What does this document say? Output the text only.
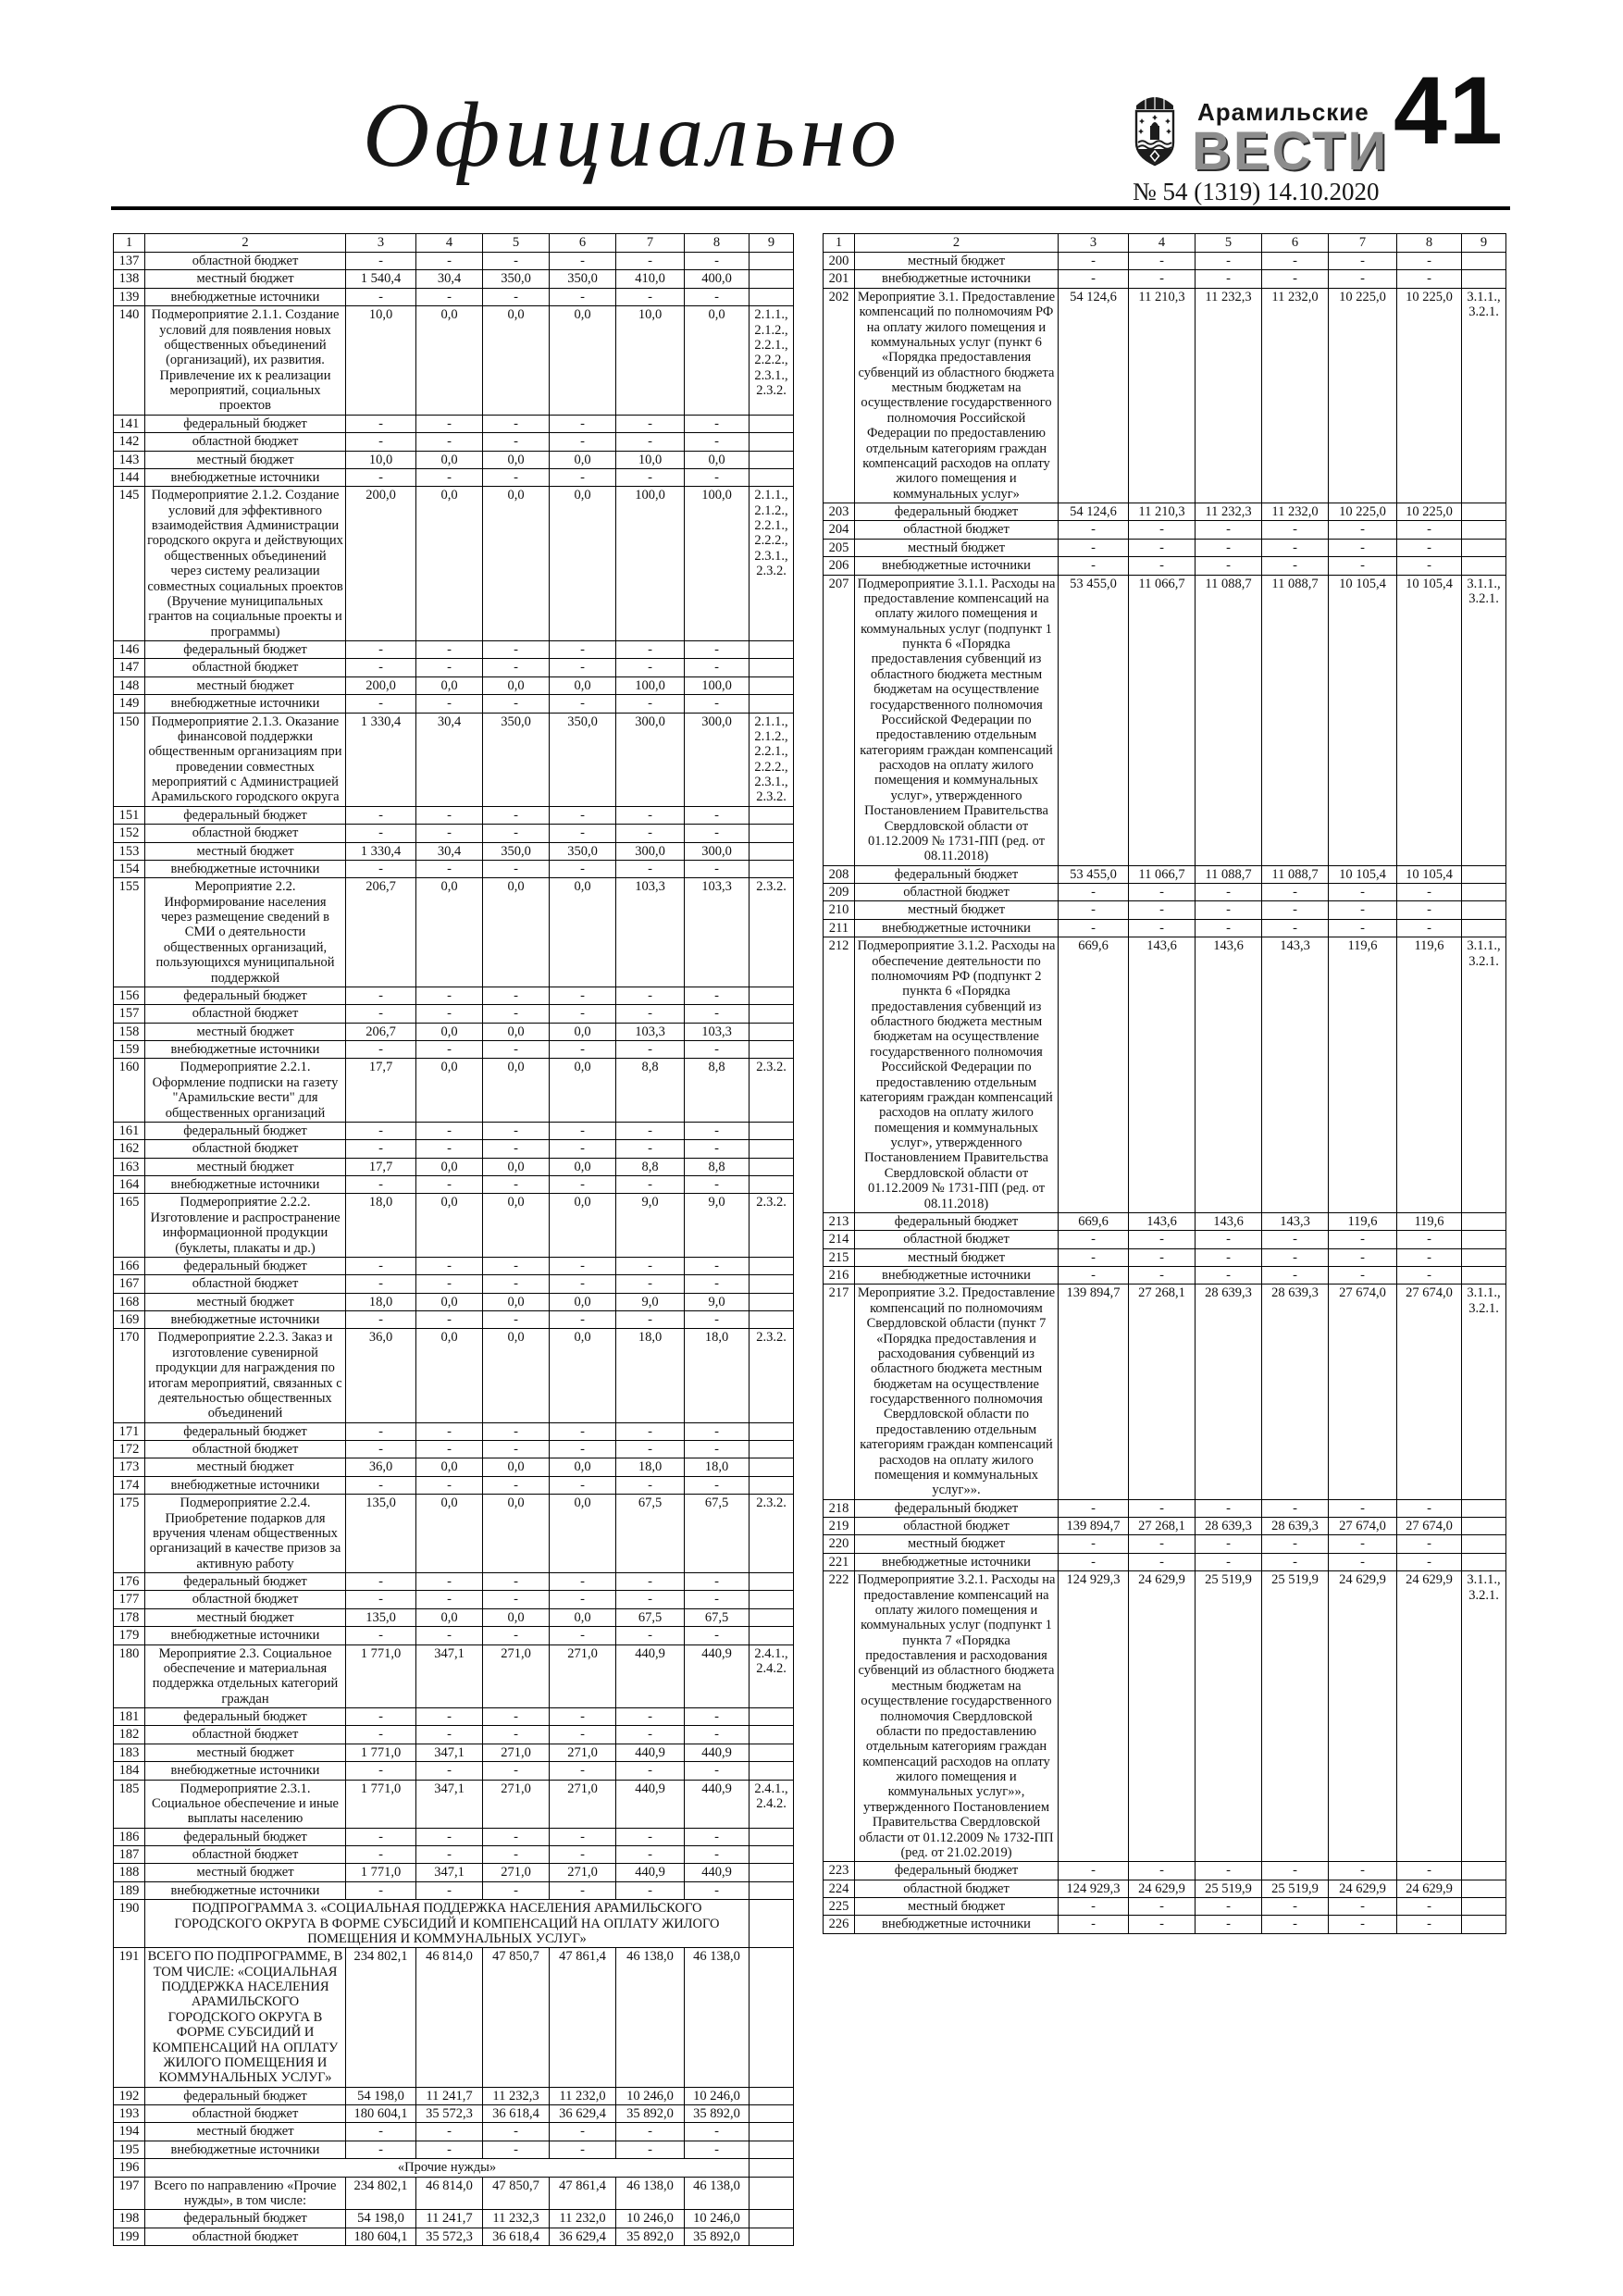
Официально	Арамильские
ВЕСТИ
№ 54 (1319) 14.10.2020
41
1	2	3	4	5	6	7	8	9
137	областной бюджет	-	-	-	-	-	-	
138	местный бюджет	1 540,4	30,4	350,0	350,0	410,0	400,0	
139	внебюджетные источники	-	-	-	-	-	-	
140	Подмероприятие 2.1.1. Создание условий для появления новых общественных объединений (организаций), их развития. Привлечение их к реализации мероприятий, социальных проектов	10,0	0,0	0,0	0,0	10,0	0,0	2.1.1., 2.1.2., 2.2.1., 2.2.2., 2.3.1., 2.3.2.
141	федеральный бюджет	-	-	-	-	-	-	
142	областной бюджет	-	-	-	-	-	-	
143	местный бюджет	10,0	0,0	0,0	0,0	10,0	0,0	
144	внебюджетные источники	-	-	-	-	-	-	
145	Подмероприятие 2.1.2. Создание условий для эффективного взаимодействия Администрации городского округа и действующих общественных объединений через систему реализации совместных социальных проектов (Вручение муниципальных грантов на социальные проекты и программы)	200,0	0,0	0,0	0,0	100,0	100,0	2.1.1., 2.1.2., 2.2.1., 2.2.2., 2.3.1., 2.3.2.
146	федеральный бюджет	-	-	-	-	-	-	
147	областной бюджет	-	-	-	-	-	-	
148	местный бюджет	200,0	0,0	0,0	0,0	100,0	100,0	
149	внебюджетные источники	-	-	-	-	-	-	
150	Подмероприятие 2.1.3. Оказание финансовой поддержки общественным организациям при проведении совместных мероприятий с Администрацией Арамильского городского округа	1 330,4	30,4	350,0	350,0	300,0	300,0	2.1.1., 2.1.2., 2.2.1., 2.2.2., 2.3.1., 2.3.2.
151	федеральный бюджет	-	-	-	-	-	-	
152	областной бюджет	-	-	-	-	-	-	
153	местный бюджет	1 330,4	30,4	350,0	350,0	300,0	300,0	
154	внебюджетные источники	-	-	-	-	-	-	
155	Мероприятие 2.2. Информирование населения через размещение сведений в СМИ о деятельности общественных организаций, пользующихся муниципальной поддержкой	206,7	0,0	0,0	0,0	103,3	103,3	2.3.2.
156	федеральный бюджет	-	-	-	-	-	-	
157	областной бюджет	-	-	-	-	-	-	
158	местный бюджет	206,7	0,0	0,0	0,0	103,3	103,3	
159	внебюджетные источники	-	-	-	-	-	-	
160	Подмероприятие 2.2.1. Оформление подписки на газету "Арамильские вести" для общественных организаций	17,7	0,0	0,0	0,0	8,8	8,8	2.3.2.
161	федеральный бюджет	-	-	-	-	-	-	
162	областной бюджет	-	-	-	-	-	-	
163	местный бюджет	17,7	0,0	0,0	0,0	8,8	8,8	
164	внебюджетные источники	-	-	-	-	-	-	
165	Подмероприятие 2.2.2. Изготовление и распространение информационной продукции (буклеты, плакаты и др.)	18,0	0,0	0,0	0,0	9,0	9,0	2.3.2.
166	федеральный бюджет	-	-	-	-	-	-	
167	областной бюджет	-	-	-	-	-	-	
168	местный бюджет	18,0	0,0	0,0	0,0	9,0	9,0	
169	внебюджетные источники	-	-	-	-	-	-	
170	Подмероприятие 2.2.3. Заказ и изготовление сувенирной продукции для награждения по итогам мероприятий, связанных с деятельностью общественных объединений	36,0	0,0	0,0	0,0	18,0	18,0	2.3.2.
171	федеральный бюджет	-	-	-	-	-	-	
172	областной бюджет	-	-	-	-	-	-	
173	местный бюджет	36,0	0,0	0,0	0,0	18,0	18,0	
174	внебюджетные источники	-	-	-	-	-	-	
175	Подмероприятие 2.2.4. Приобретение подарков для вручения членам общественных организаций в качестве призов за активную работу	135,0	0,0	0,0	0,0	67,5	67,5	2.3.2.
176	федеральный бюджет	-	-	-	-	-	-	
177	областной бюджет	-	-	-	-	-	-	
178	местный бюджет	135,0	0,0	0,0	0,0	67,5	67,5	
179	внебюджетные источники	-	-	-	-	-	-	
180	Мероприятие 2.3. Социальное обеспечение и материальная поддержка отдельных категорий граждан	1 771,0	347,1	271,0	271,0	440,9	440,9	2.4.1., 2.4.2.
181	федеральный бюджет	-	-	-	-	-	-	
182	областной бюджет	-	-	-	-	-	-	
183	местный бюджет	1 771,0	347,1	271,0	271,0	440,9	440,9	
184	внебюджетные источники	-	-	-	-	-	-	
185	Подмероприятие 2.3.1. Социальное обеспечение и иные выплаты населению	1 771,0	347,1	271,0	271,0	440,9	440,9	2.4.1., 2.4.2.
186	федеральный бюджет	-	-	-	-	-	-	
187	областной бюджет	-	-	-	-	-	-	
188	местный бюджет	1 771,0	347,1	271,0	271,0	440,9	440,9	
189	внебюджетные источники	-	-	-	-	-	-	
190	ПОДПРОГРАММА 3. «СОЦИАЛЬНАЯ ПОДДЕРЖКА НАСЕЛЕНИЯ АРАМИЛЬСКОГО ГОРОДСКОГО ОКРУГА В ФОРМЕ СУБСИДИЙ И КОМПЕНСАЦИЙ НА ОПЛАТУ ЖИЛОГО ПОМЕЩЕНИЯ И КОММУНАЛЬНЫХ УСЛУГ»							
191	ВСЕГО ПО ПОДПРОГРАММЕ, В ТОМ ЧИСЛЕ: «СОЦИАЛЬНАЯ ПОДДЕРЖКА НАСЕЛЕНИЯ АРАМИЛЬСКОГО ГОРОДСКОГО ОКРУГА В ФОРМЕ СУБСИДИЙ И КОМПЕНСАЦИЙ НА ОПЛАТУ ЖИЛОГО ПОМЕЩЕНИЯ И КОММУНАЛЬНЫХ УСЛУГ»	234 802,1	46 814,0	47 850,7	47 861,4	46 138,0	46 138,0	
192	федеральный бюджет	54 198,0	11 241,7	11 232,3	11 232,0	10 246,0	10 246,0	
193	областной бюджет	180 604,1	35 572,3	36 618,4	36 629,4	35 892,0	35 892,0	
194	местный бюджет	-	-	-	-	-	-	
195	внебюджетные источники	-	-	-	-	-	-	
196	«Прочие нужды»							
197	Всего по направлению «Прочие нужды», в том числе:	234 802,1	46 814,0	47 850,7	47 861,4	46 138,0	46 138,0	
198	федеральный бюджет	54 198,0	11 241,7	11 232,3	11 232,0	10 246,0	10 246,0	
199	областной бюджет	180 604,1	35 572,3	36 618,4	36 629,4	35 892,0	35 892,0	
1	2	3	4	5	6	7	8	9
200	местный бюджет	-	-	-	-	-	-	
201	внебюджетные источники	-	-	-	-	-	-	
202	Мероприятие 3.1. Предоставление компенсаций по полномочиям РФ на оплату жилого помещения и коммунальных услуг (пункт 6 «Порядка предоставления субвенций из областного бюджета местным бюджетам на осуществление государственного полномочия Российской Федерации по предоставлению отдельным категориям граждан компенсаций расходов на оплату жилого помещения и коммунальных услуг»	54 124,6	11 210,3	11 232,3	11 232,0	10 225,0	10 225,0	3.1.1., 3.2.1.
203	федеральный бюджет	54 124,6	11 210,3	11 232,3	11 232,0	10 225,0	10 225,0	
204	областной бюджет	-	-	-	-	-	-	
205	местный бюджет	-	-	-	-	-	-	
206	внебюджетные источники	-	-	-	-	-	-	
207	Подмероприятие 3.1.1. Расходы на предоставление компенсаций на оплату жилого помещения и коммунальных услуг (подпункт 1 пункта 6 «Порядка предоставления субвенций из областного бюджета местным бюджетам на осуществление государственного полномочия Российской Федерации по предоставлению отдельным категориям граждан компенсаций расходов на оплату жилого помещения и коммунальных услуг», утвержденного Постановлением Правительства Свердловской области от 01.12.2009 № 1731-ПП (ред. от 08.11.2018)	53 455,0	11 066,7	11 088,7	11 088,7	10 105,4	10 105,4	3.1.1., 3.2.1.
208	федеральный бюджет	53 455,0	11 066,7	11 088,7	11 088,7	10 105,4	10 105,4	
209	областной бюджет	-	-	-	-	-	-	
210	местный бюджет	-	-	-	-	-	-	
211	внебюджетные источники	-	-	-	-	-	-	
212	Подмероприятие 3.1.2. Расходы на обеспечение деятельности по полномочиям РФ (подпункт 2 пункта 6 «Порядка предоставления субвенций из областного бюджета местным бюджетам на осуществление государственного полномочия Российской Федерации по предоставлению отдельным категориям граждан компенсаций расходов на оплату жилого помещения и коммунальных услуг», утвержденного Постановлением Правительства Свердловской области от 01.12.2009 № 1731-ПП (ред. от 08.11.2018)	669,6	143,6	143,6	143,3	119,6	119,6	3.1.1., 3.2.1.
213	федеральный бюджет	669,6	143,6	143,6	143,3	119,6	119,6	
214	областной бюджет	-	-	-	-	-	-	
215	местный бюджет	-	-	-	-	-	-	
216	внебюджетные источники	-	-	-	-	-	-	
217	Мероприятие 3.2. Предоставление компенсаций по полномочиям Свердловской области (пункт 7 «Порядка предоставления и расходования субвенций из областного бюджета местным бюджетам на осуществление государственного полномочия Свердловской области по предоставлению отдельным категориям граждан компенсаций расходов на оплату жилого помещения и коммунальных услуг»».	139 894,7	27 268,1	28 639,3	28 639,3	27 674,0	27 674,0	3.1.1., 3.2.1.
218	федеральный бюджет	-	-	-	-	-	-	
219	областной бюджет	139 894,7	27 268,1	28 639,3	28 639,3	27 674,0	27 674,0	
220	местный бюджет	-	-	-	-	-	-	
221	внебюджетные источники	-	-	-	-	-	-	
222	Подмероприятие 3.2.1. Расходы на предоставление компенсаций на оплату жилого помещения и коммунальных услуг (подпункт 1 пункта 7 «Порядка предоставления и расходования субвенций из областного бюджета местным бюджетам на осуществление государственного полномочия Свердловской области по предоставлению отдельным категориям граждан компенсаций расходов на оплату жилого помещения и коммунальных услуг»», утвержденного Постановлением Правительства Свердловской области от 01.12.2009 № 1732-ПП (ред. от 21.02.2019)	124 929,3	24 629,9	25 519,9	25 519,9	24 629,9	24 629,9	3.1.1., 3.2.1.
223	федеральный бюджет	-	-	-	-	-	-	
224	областной бюджет	124 929,3	24 629,9	25 519,9	25 519,9	24 629,9	24 629,9	
225	местный бюджет	-	-	-	-	-	-	
226	внебюджетные источники	-	-	-	-	-	-	
